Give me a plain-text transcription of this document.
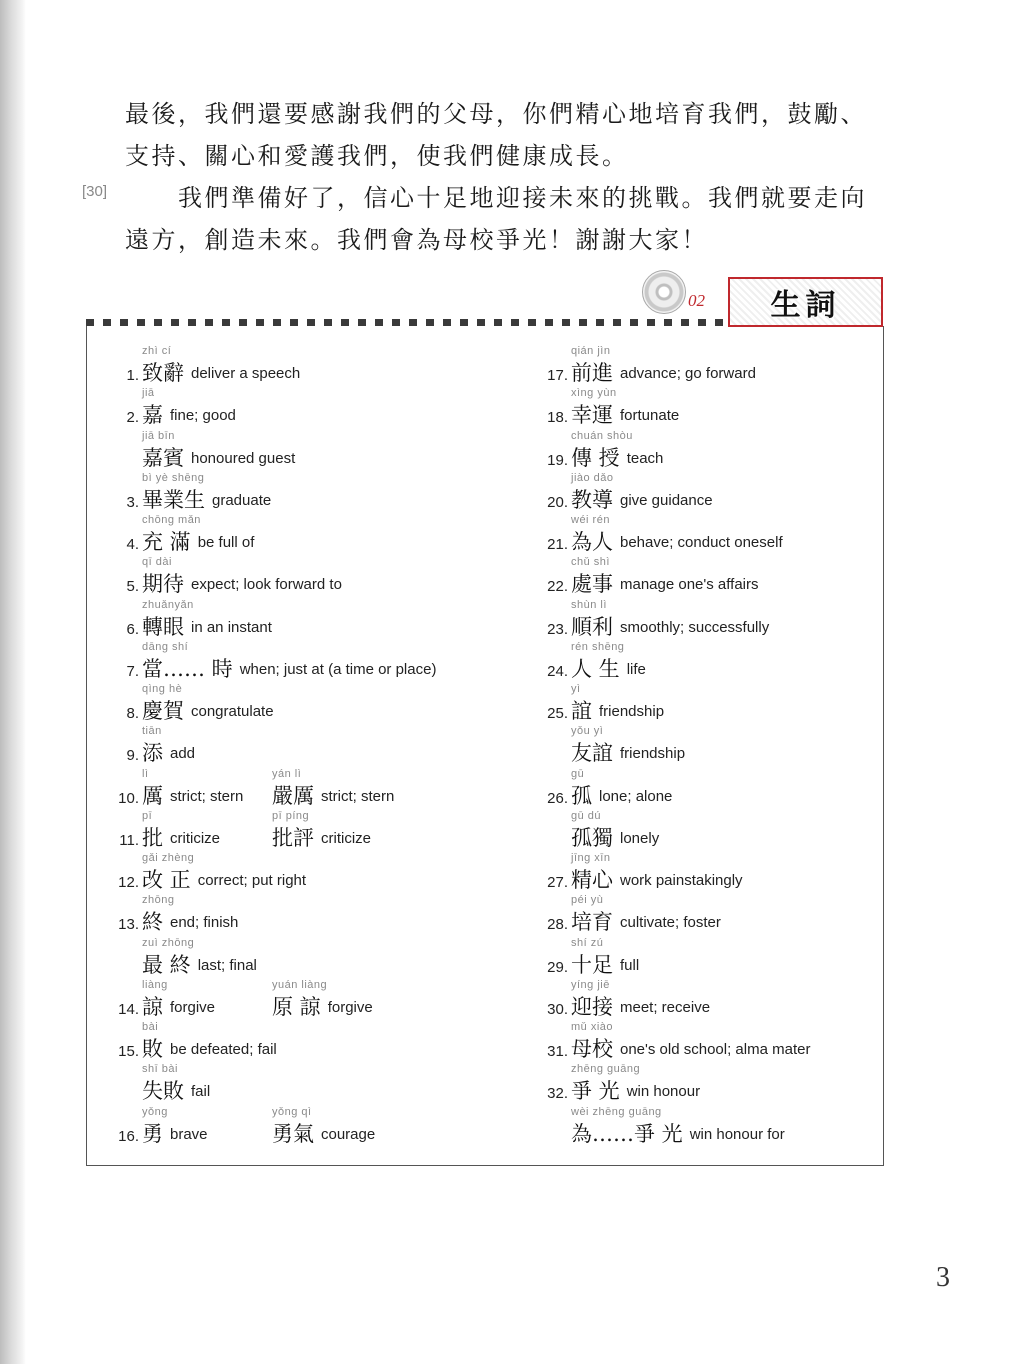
最後，我們還要感謝我們的父母，你們精心地培育我們，鼓勵、
支持、關心和愛護我們，使我們健康成長。
[30] 　　我們準備好了，信心十足地迎接未來的挑戰。我們就要走向
遠方，創造未來。我們會為母校爭光！謝謝大家！
02 生詞
1.
zhì cí
致辭 deliver a speech
2.
jiā
嘉 fine; good
jiā bīn
嘉賓 honoured guest
3.
bì yè shēng
畢業生 graduate
4.
chōng mǎn
充 滿 be full of
5.
qī dài
期待 expect; look forward to
6.
zhuǎnyǎn
轉眼 in an instant
7.
dāng shí
當…… 時 when; just at (a time or place)
8.
qìng hè
慶賀 congratulate
9.
tiān
添 add
10.
lì
厲 strict; stern
yán lì
嚴厲 strict; stern
11.
pī
批 criticize
pī píng
批評 criticize
12.
gǎi zhèng
改 正 correct; put right
13.
zhōng
終 end; finish
zuì zhōng
最 終 last; final
14.
liàng
諒 forgive
yuán liàng
原 諒 forgive
15.
bài
敗 be defeated; fail
shī bài
失敗 fail
16.
yǒng
勇 brave
yǒng qì
勇氣 courage
17.
qián jìn
前進 advance; go forward
18.
xìng yùn
幸運 fortunate
19.
chuán shòu
傳 授 teach
20.
jiào dǎo
教導 give guidance
21.
wéi rén
為人 behave; conduct oneself
22.
chǔ shì
處事 manage one's affairs
23.
shùn lì
順利 smoothly; successfully
24.
rén shēng
人 生 life
25.
yì
誼 friendship
yǒu yì
友誼 friendship
26.
gū
孤 lone; alone
gū dú
孤獨 lonely
27.
jīng xīn
精心 work painstakingly
28.
péi yù
培育 cultivate; foster
29.
shí zú
十足 full
30.
yíng jiē
迎接 meet; receive
31.
mǔ xiào
母校 one's old school; alma mater
32.
zhēng guāng
爭 光 win honour
wèi zhēng guāng
為……爭 光 win honour for
3
